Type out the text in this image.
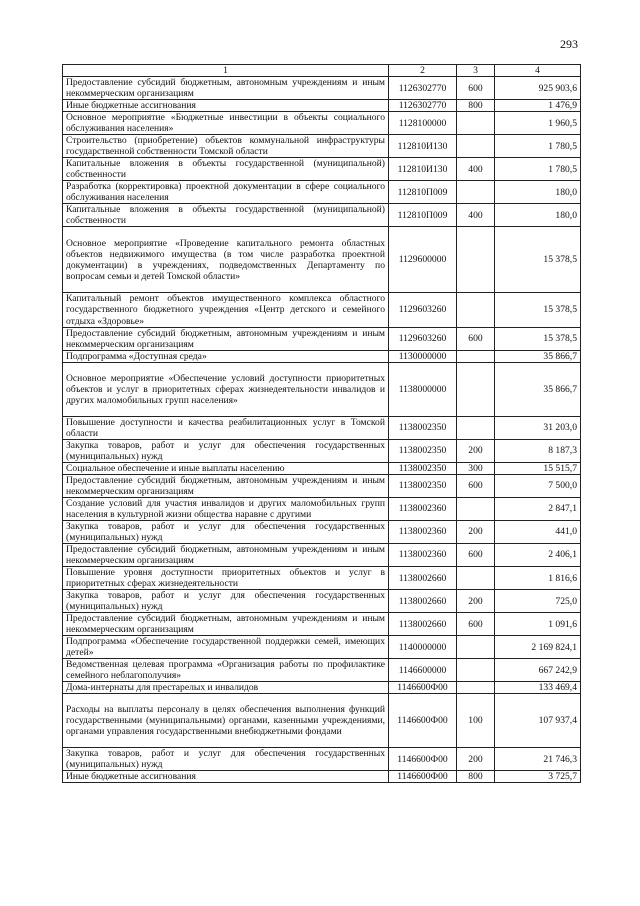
293
1	2	3	4
Предоставление субсидий бюджетным, автономным учреждениям и иным некоммерческим организациям	1126302770	600	925 903,6
Иные бюджетные ассигнования	1126302770	800	1 476,9
Основное мероприятие «Бюджетные инвестиции в объекты социального обслуживания населения»	1128100000		1 960,5
Строительство (приобретение) объектов коммунальной инфраструктуры государственной собственности Томской области	112810И130		1 780,5
Капитальные вложения в объекты государственной (муниципальной) собственности	112810И130	400	1 780,5
Разработка (корректировка) проектной документации в сфере социального обслуживания населения	112810П009		180,0
Капитальные вложения в объекты государственной (муниципальной) собственности	112810П009	400	180,0
Основное мероприятие «Проведение капитального ремонта областных объектов недвижимого имущества (в том числе разработка проектной документации) в учреждениях, подведомственных Департаменту по вопросам семьи и детей Томской области»	1129600000		15 378,5
Капитальный ремонт объектов имущественного комплекса областного государственного бюджетного учреждения «Центр детского и семейного отдыха «Здоровье»	1129603260		15 378,5
Предоставление субсидий бюджетным, автономным учреждениям и иным некоммерческим организациям	1129603260	600	15 378,5
Подпрограмма «Доступная среда»	1130000000		35 866,7
Основное мероприятие «Обеспечение условий доступности приоритетных объектов и услуг в приоритетных сферах жизнедеятельности инвалидов и других маломобильных групп населения»	1138000000		35 866,7
Повышение доступности и качества реабилитационных услуг в Томской области	1138002350		31 203,0
Закупка товаров, работ и услуг для обеспечения государственных (муниципальных) нужд	1138002350	200	8 187,3
Социальное обеспечение и иные выплаты населению	1138002350	300	15 515,7
Предоставление субсидий бюджетным, автономным учреждениям и иным некоммерческим организациям	1138002350	600	7 500,0
Создание условий для участия инвалидов и других маломобильных групп населения в культурной жизни общества наравне с другими	1138002360		2 847,1
Закупка товаров, работ и услуг для обеспечения государственных (муниципальных) нужд	1138002360	200	441,0
Предоставление субсидий бюджетным, автономным учреждениям и иным некоммерческим организациям	1138002360	600	2 406,1
Повышение уровня доступности приоритетных объектов и услуг в приоритетных сферах жизнедеятельности	1138002660		1 816,6
Закупка товаров, работ и услуг для обеспечения государственных (муниципальных) нужд	1138002660	200	725,0
Предоставление субсидий бюджетным, автономным учреждениям и иным некоммерческим организациям	1138002660	600	1 091,6
Подпрограмма «Обеспечение государственной поддержки семей, имеющих детей»	1140000000		2 169 824,1
Ведомственная целевая программа «Организация работы по профилактике семейного неблагополучия»	1146600000		667 242,9
Дома-интернаты для престарелых и инвалидов	1146600Ф00		133 469,4
Расходы на выплаты персоналу в целях обеспечения выполнения функций государственными (муниципальными) органами, казенными учреждениями, органами управления государственными внебюджетными фондами	1146600Ф00	100	107 937,4
Закупка товаров, работ и услуг для обеспечения государственных (муниципальных) нужд	1146600Ф00	200	21 746,3
Иные бюджетные ассигнования	1146600Ф00	800	3 725,7
